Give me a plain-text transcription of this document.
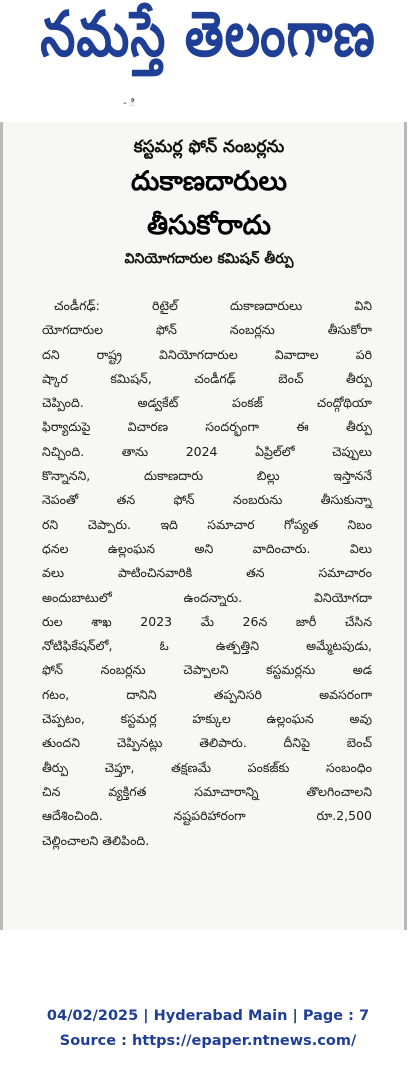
నమస్తే తెలంగాణ
- ి
కస్టమర్ల ఫోన్ నంబర్లను
దుకాణదారులు
తీసుకోరాదు
వినియోగదారుల కమిషన్ తీర్పు
చండీగఢ్: రిటైల్ దుకాణదారులు విని
యోగదారుల ఫోన్ నంబర్లను తీసుకోరా
దని రాష్ట్ర వినియోగదారుల వివాదాల పరి
ష్కార కమిషన్, చండీగఢ్ బెంచ్ తీర్పు
చెప్పింది. అడ్వకేట్ పంకజ్ చంద్గోథియా
ఫిర్యాదుపై విచారణ సందర్భంగా ఈ తీర్పు
నిచ్చింది. తాను 2024 ఏప్రిల్‌లో చెప్పులు
కొన్నానని, దుకాణదారు బిల్లు ఇస్తాననే
నెపంతో తన ఫోన్ నంబరును తీసుకున్నా
రని చెప్పారు. ఇది సమాచార గోప్యత నిబం
ధనల ఉల్లంఘన అని వాదించారు. విలు
వలు పాటించినవారికి తన సమాచారం
అందుబాటులో ఉందన్నారు. వినియోగదా
రుల శాఖ 2023 మే 26న జారీ చేసిన
నోటిఫికేషన్‌లో, ఓ ఉత్పత్తిని అమ్మేటపుడు,
ఫోన్ నంబర్లను చెప్పాలని కస్టమర్లను అడ
గటం, దానిని తప్పనిసరి అవసరంగా
చెప్పటం, కస్టమర్ల హక్కుల ఉల్లంఘన అవు
తుందని చెప్పినట్లు తెలిపారు. దీనిపై బెంచ్
తీర్పు చెప్తూ, తక్షణమే పంకజ్‌కు సంబంధిం
చిన వ్యక్తిగత సమాచారాన్ని తొలగించాలని
ఆదేశించింది. నష్టపరిహారంగా రూ.2,500
చెల్లించాలని తెలిపింది.
04/02/2025 | Hyderabad Main | Page : 7
Source : https://epaper.ntnews.com/
